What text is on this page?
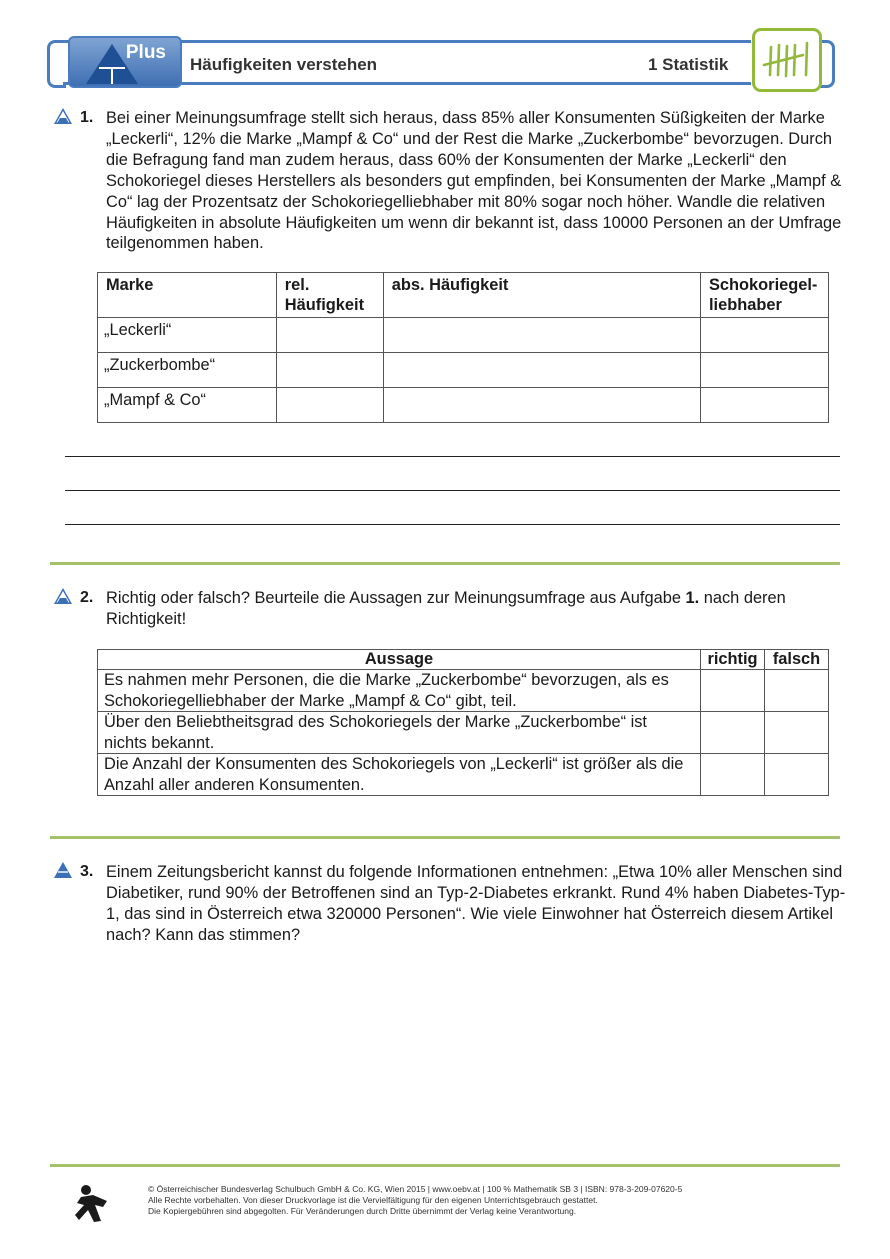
Plus
Häufigkeiten verstehen	1 Statistik
1. Bei einer Meinungsumfrage stellt sich heraus, dass 85% aller Konsumenten Süßigkeiten der Marke „Leckerli“, 12% die Marke „Mampf & Co“ und der Rest die Marke „Zuckerbombe“ bevorzugen. Durch die Befragung fand man zudem heraus, dass 60% der Konsumenten der Marke „Leckerli“ den Schokoriegel dieses Herstellers als besonders gut empfinden, bei Konsumenten der Marke „Mampf & Co“ lag der Prozentsatz der Schokoriegelliebhaber mit 80% sogar noch höher. Wandle die relativen Häufigkeiten in absolute Häufigkeiten um wenn dir bekannt ist, dass 10000 Personen an der Umfrage teilgenommen haben.
Marke	rel. Häufigkeit	abs. Häufigkeit	Schokoriegel-liebhaber
„Leckerli“			
„Zuckerbombe“			
„Mampf & Co“			
2. Richtig oder falsch? Beurteile die Aussagen zur Meinungsumfrage aus Aufgabe 1. nach deren Richtigkeit!
Aussage	richtig	falsch
Es nahmen mehr Personen, die die Marke „Zuckerbombe“ bevorzugen, als es Schokoriegelliebhaber der Marke „Mampf & Co“ gibt, teil.		
Über den Beliebtheitsgrad des Schokoriegels der Marke „Zuckerbombe“ ist nichts bekannt.		
Die Anzahl der Konsumenten des Schokoriegels von „Leckerli“ ist größer als die Anzahl aller anderen Konsumenten.		
3. Einem Zeitungsbericht kannst du folgende Informationen entnehmen: „Etwa 10% aller Menschen sind Diabetiker, rund 90% der Betroffenen sind an Typ-2-Diabetes erkrankt. Rund 4% haben Diabetes-Typ-1, das sind in Österreich etwa 320000 Personen“. Wie viele Einwohner hat Österreich diesem Artikel nach? Kann das stimmen?
© Österreichischer Bundesverlag Schulbuch GmbH & Co. KG, Wien 2015 | www.oebv.at | 100 % Mathematik SB 3 | ISBN: 978-3-209-07620-5
Alle Rechte vorbehalten. Von dieser Druckvorlage ist die Vervielfältigung für den eigenen Unterrichtsgebrauch gestattet.
Die Kopiergebühren sind abgegolten. Für Veränderungen durch Dritte übernimmt der Verlag keine Verantwortung.
